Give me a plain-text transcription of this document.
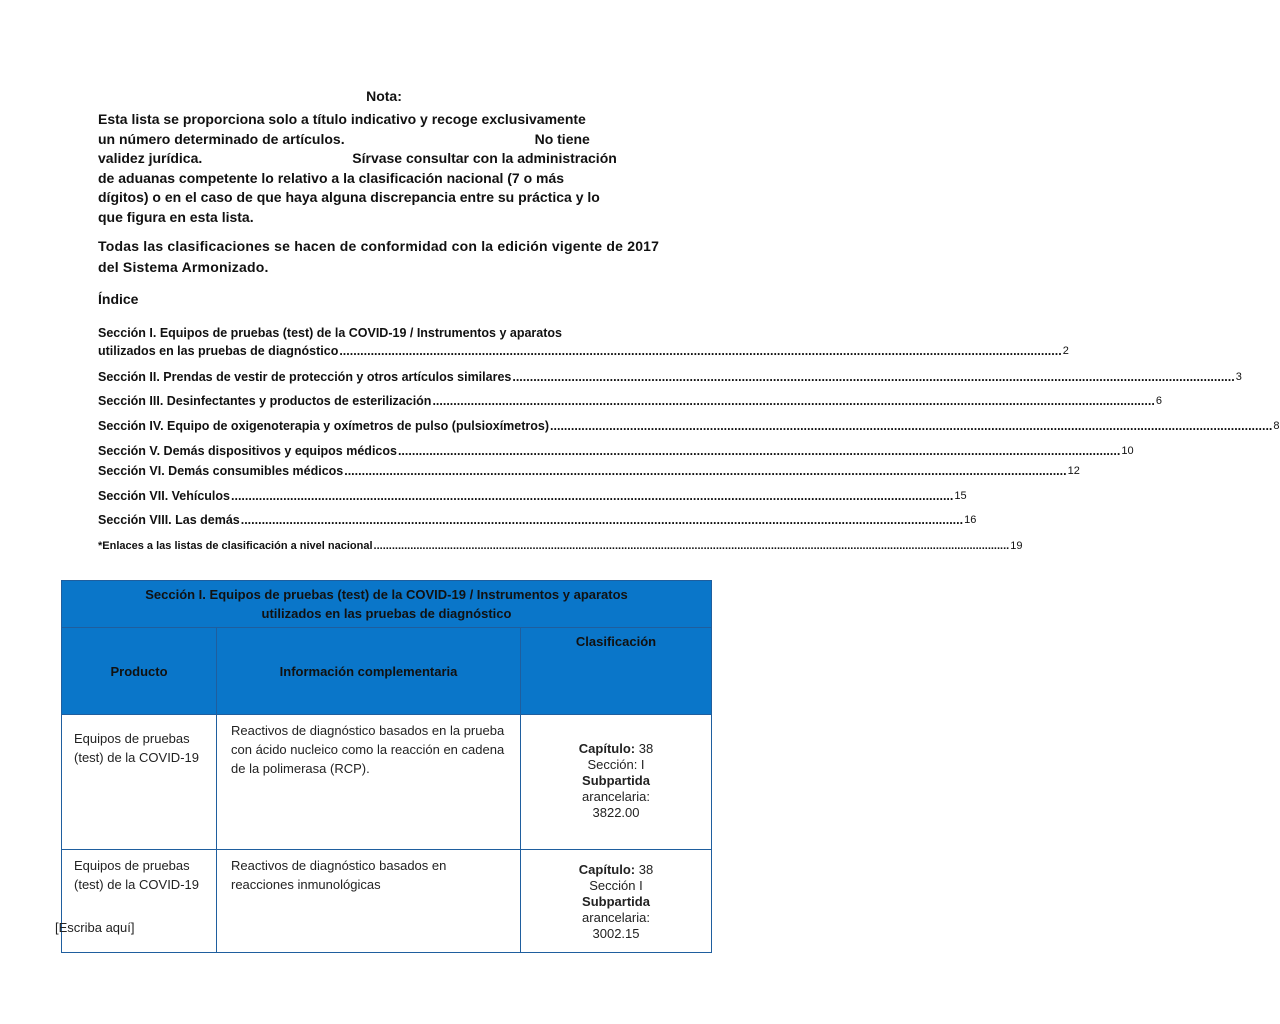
Nota:

Esta lista se proporciona solo a título indicativo y recoge exclusivamente

un número determinado de artículos.	No tiene

validez jurídica.	Sírvase consultar con la administración

de aduanas competente lo relativo a la clasificación nacional (7 o más

dígitos) o en el caso de que haya alguna discrepancia entre su práctica y lo

que figura en esta lista.

Todas las clasificaciones se hacen de conformidad con la edición vigente de 2017 del Sistema Armonizado.
Índice
Sección I. Equipos de pruebas (test) de la COVID-19 / Instrumentos y aparatos
utilizados en las pruebas de diagnóstico .....	2
Sección II. Prendas de vestir de protección y otros artículos similares .....	3
Sección III. Desinfectantes y productos de esterilización .....	6
Sección IV. Equipo de oxigenoterapia y oxímetros de pulso (pulsioxímetros) .....	8
Sección V. Demás dispositivos y equipos médicos .....	10
Sección VI. Demás consumibles médicos .....	12
Sección VII. Vehículos .....	15
Sección VIII. Las demás .....	16
*Enlaces a las listas de clasificación a nivel nacional .....	19
Sección I. Equipos de pruebas (test) de la COVID-19 / Instrumentos y aparatos
utilizados en las pruebas de diagnóstico		

Producto	Información complementaria	Clasificación
Equipos de pruebas (test) de la COVID-19	Reactivos de diagnóstico basados en la prueba con ácido nucleico como la reacción en cadena de la polimerasa (RCP).	Capítulo: 38
Sección: I
Subpartida
arancelaria:
3822.00

Equipos de pruebas (test) de la COVID-19	Reactivos de diagnóstico basados en reacciones inmunológicas	Capítulo: 38
Sección I
Subpartida
arancelaria:
3002.15
[Escriba aquí]
